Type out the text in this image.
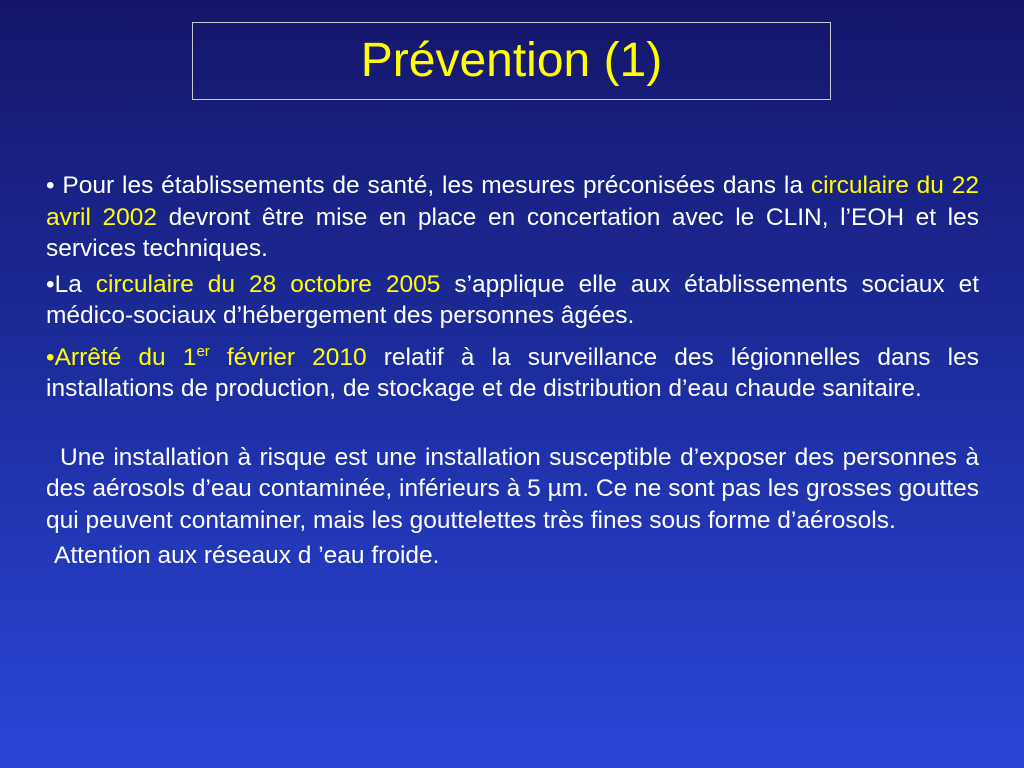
Prévention (1)

• Pour les établissements de santé, les mesures préconisées dans la circulaire du 22 avril 2002 devront être mise en place en concertation avec le CLIN, l’EOH et les services techniques.

•La circulaire du 28 octobre 2005 s’applique elle aux établissements sociaux et médico-sociaux d’hébergement des personnes âgées.

•Arrêté du 1er février 2010 relatif à la surveillance des légionnelles dans les installations de production, de stockage et de distribution d’eau chaude sanitaire.

Une installation à risque est une installation susceptible d’exposer des personnes à des aérosols d’eau contaminée, inférieurs à 5 µm. Ce ne sont pas les grosses gouttes qui peuvent contaminer, mais les gouttelettes très fines sous forme d’aérosols.

Attention aux réseaux d ’eau froide.
